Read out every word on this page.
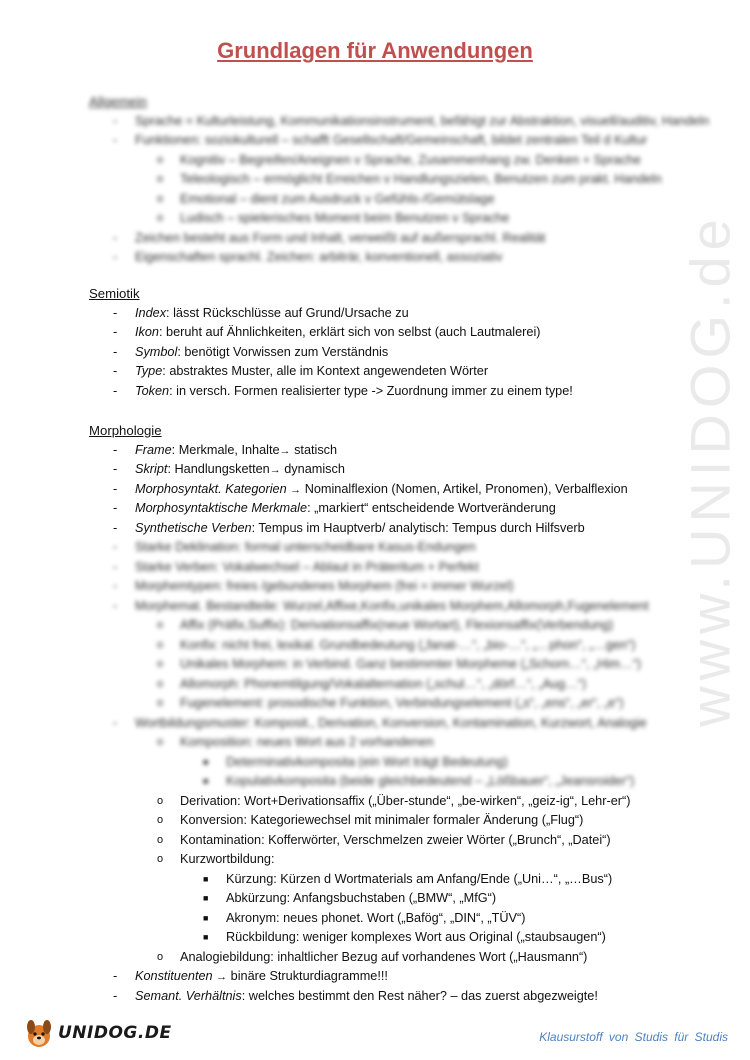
www.UNIDOG.de
Grundlagen für Anwendungen
Allgemein
- Sprache = Kulturleistung, Kommunikationsinstrument, befähigt zur Abstraktion, visuell/auditiv, Handeln
- Funktionen: soziokulturell – schafft Gesellschaft/Gemeinschaft, bildet zentralen Teil d Kultur
o Kognitiv – Begreifen/Aneignen v Sprache, Zusammenhang zw. Denken + Sprache
o Teleologisch – ermöglicht Erreichen v Handlungszielen, Benutzen zum prakt. Handeln
o Emotional – dient zum Ausdruck v Gefühls-/Gemütslage
o Ludisch – spielerisches Moment beim Benutzen v Sprache
- Zeichen besteht aus Form und Inhalt, verweißt auf außersprachl. Realität
- Eigenschaften sprachl. Zeichen: arbiträr, konventionell, assoziativ
Semiotik
- Index: lässt Rückschlüsse auf Grund/Ursache zu
- Ikon: beruht auf Ähnlichkeiten, erklärt sich von selbst (auch Lautmalerei)
- Symbol: benötigt Vorwissen zum Verständnis
- Type: abstraktes Muster, alle im Kontext angewendeten Wörter
- Token: in versch. Formen realisierter type -> Zuordnung immer zu einem type!
Morphologie
- Frame: Merkmale, Inhalte→ statisch
- Skript: Handlungsketten→ dynamisch
- Morphosyntakt. Kategorien → Nominalflexion (Nomen, Artikel, Pronomen), Verbalflexion
- Morphosyntaktische Merkmale: „markiert“ entscheidende Wortveränderung
- Synthetische Verben: Tempus im Hauptverb/ analytisch: Tempus durch Hilfsverb
- Starke Deklination: formal unterscheidbare Kasus-Endungen
- Starke Verben: Vokalwechsel – Ablaut in Präteritum + Perfekt
- Morphemtypen: freies /gebundenes Morphem (frei = immer Wurzel)
- Morphemat. Bestandteile: Wurzel,Affixe,Konfix,unikales Morphem,Allomorph,Fugenelement
o Affix (Präfix,Suffix): Derivationsaffix(neue Wortart), Flexionsaffix(Verbendung)
o Konfix: nicht frei, lexikal. Grundbedeutung („fanat-…“, „bio-…“, „…phon“, „…gen“)
o Unikales Morphem: in Verbind. Ganz bestimmter Morpheme („Schorn…“, „Him…“)
o Allomorph: Phonemtilgung/Vokalalternation („schul…“, „dörf…“, „Aug…“)
o Fugenelement: prosodische Funktion, Verbindungselement („s“, „ens“, „er“, „e“)
- Wortbildungsmuster: Komposit., Derivation, Konversion, Kontamination, Kurzwort, Analogie
o Komposition: neues Wort aus 2 vorhandenen
■ Determinativkomposita (ein Wort trägt Bedeutung)
■ Kopulativkomposita (beide gleichbedeutend – „Lößbauer“, „Jeansroider“)
o Derivation: Wort+Derivationsaffix („Über-stunde“, „be-wirken“, „geiz-ig“, Lehr-er“)
o Konversion: Kategoriewechsel mit minimaler formaler Änderung („Flug“)
o Kontamination: Kofferwörter, Verschmelzen zweier Wörter („Brunch“, „Datei“)
o Kurzwortbildung:
■ Kürzung: Kürzen d Wortmaterials am Anfang/Ende („Uni…“, „…Bus“)
■ Abkürzung: Anfangsbuchstaben („BMW“, „MfG“)
■ Akronym: neues phonet. Wort („Bafög“, „DIN“, „TÜV“)
■ Rückbildung: weniger komplexes Wort aus Original („staubsaugen“)
o Analogiebildung: inhaltlicher Bezug auf vorhandenes Wort („Hausmann“)
- Konstituenten → binäre Strukturdiagramme!!!
- Semant. Verhältnis: welches bestimmt den Rest näher? – das zuerst abgezweigte!
UNIDOG.DE	Klausurstoff von Studis für Studis
